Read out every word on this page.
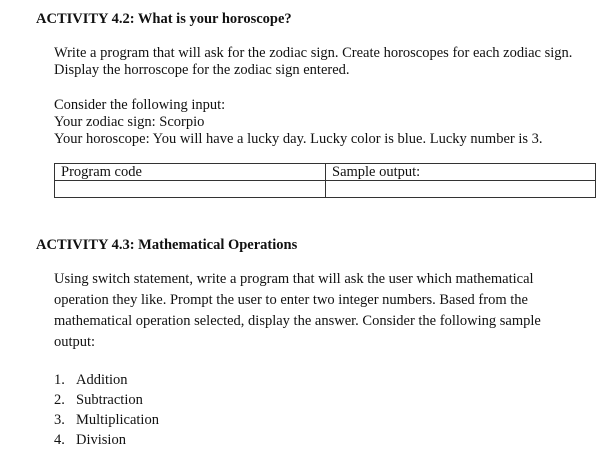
ACTIVITY 4.2: What is your horoscope?
Write a program that will ask for the zodiac sign. Create horoscopes for each zodiac sign.
Display the horroscope for the zodiac sign entered.
Consider the following input:
Your zodiac sign: Scorpio
Your horoscope: You will have a lucky day. Lucky color is blue. Lucky number is 3.
Program code	Sample output:

ACTIVITY 4.3: Mathematical Operations
Using switch statement, write a program that will ask the user which mathematical
operation they like. Prompt the user to enter two integer numbers. Based from the
mathematical operation selected, display the answer. Consider the following sample
output:
1. Addition
2. Subtraction
3. Multiplication
4. Division
